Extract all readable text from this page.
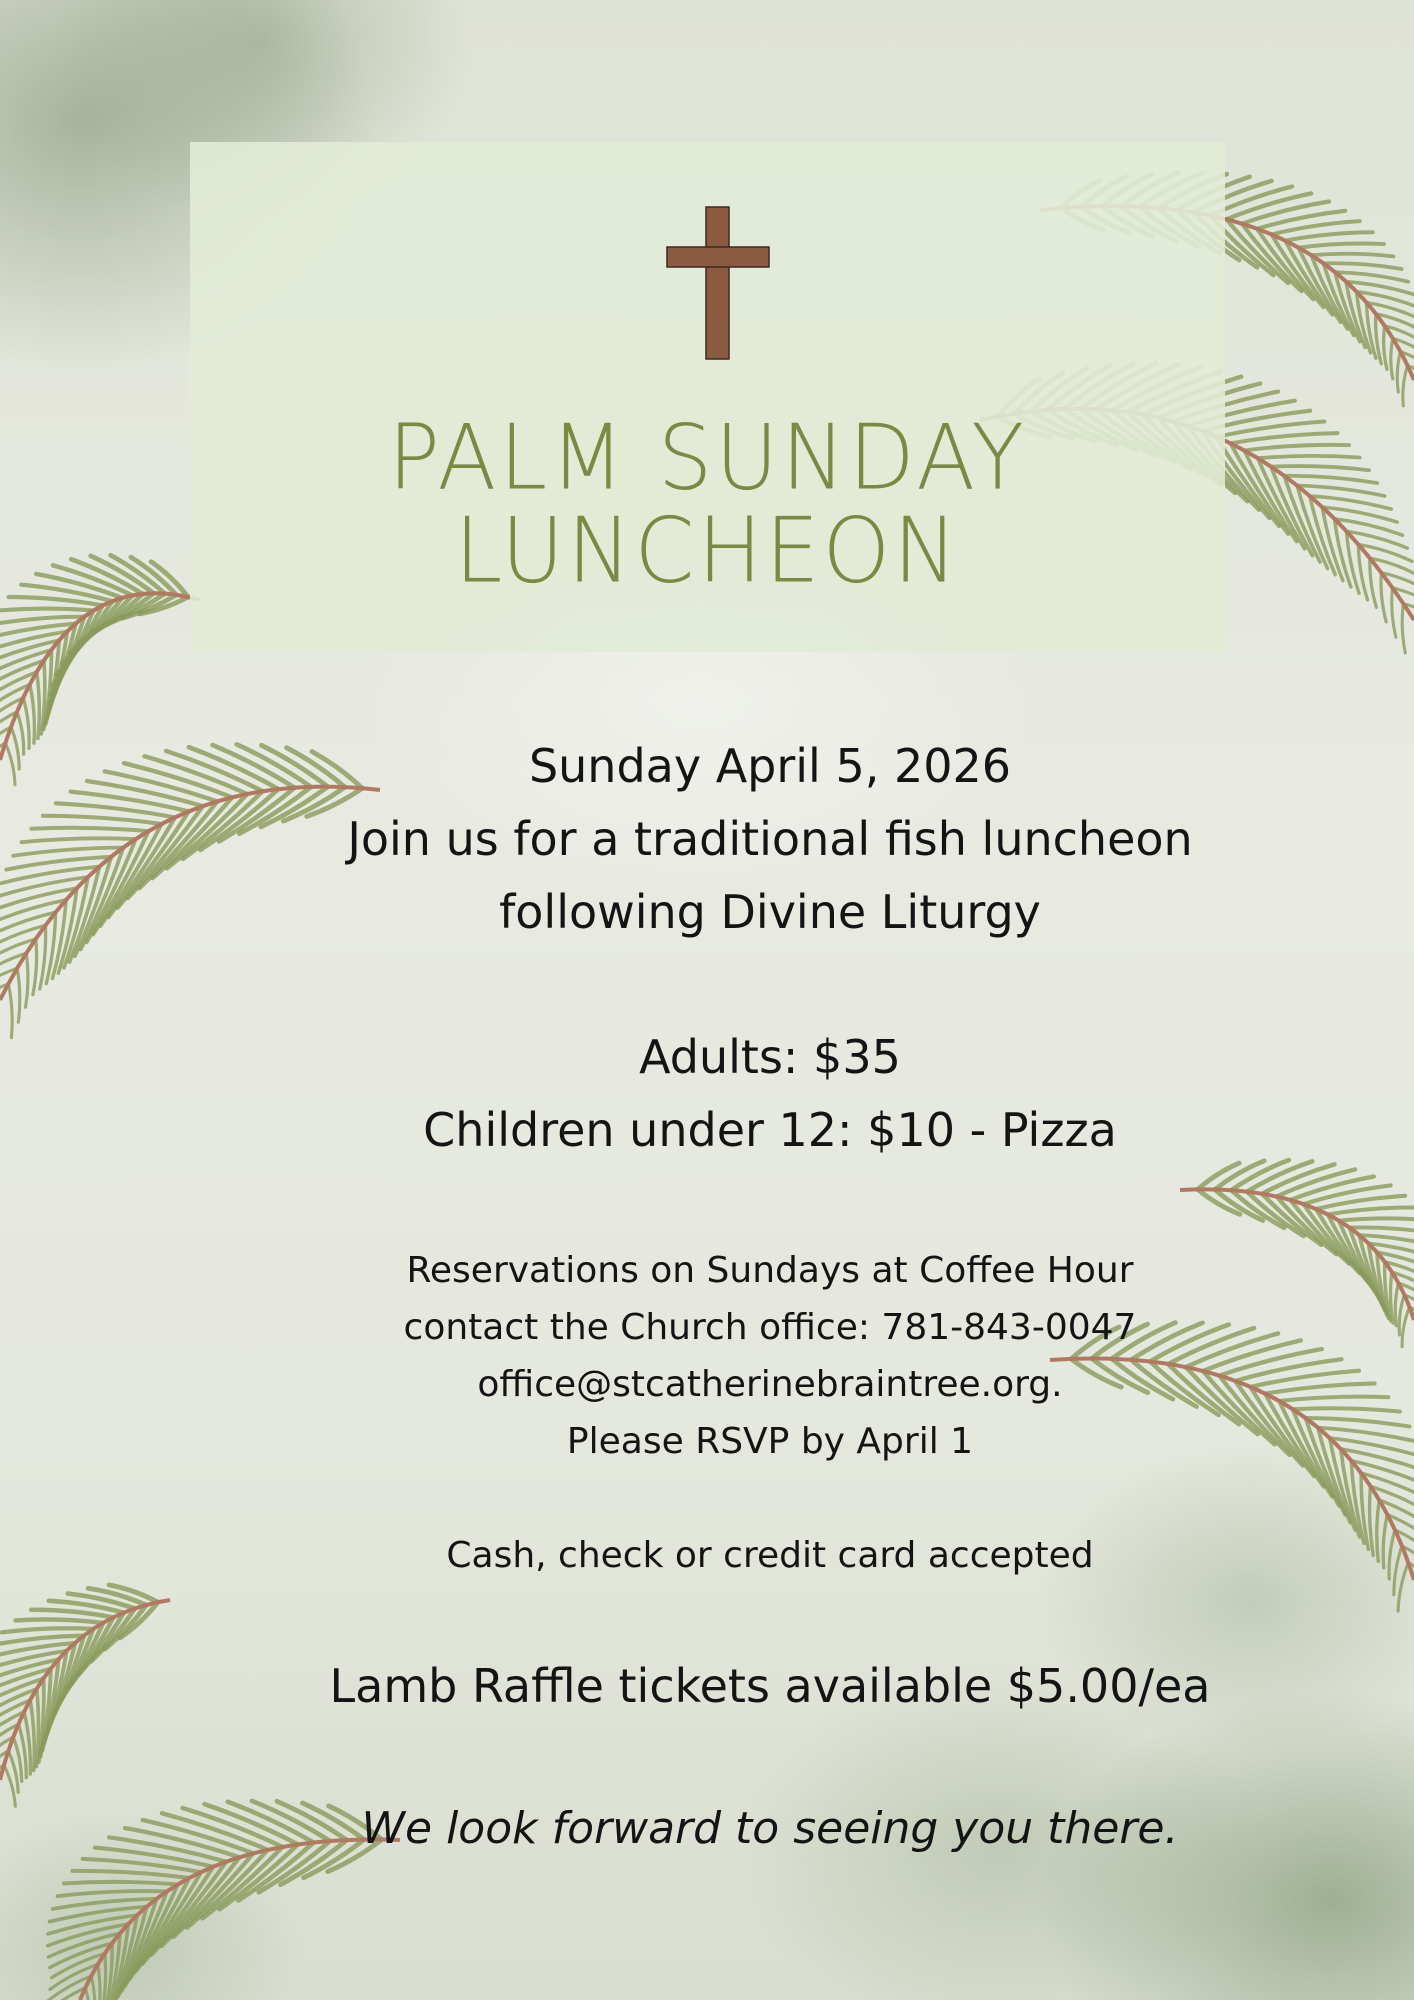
PALM SUNDAY
LUNCHEON
Sunday April 5, 2026
Join us for a traditional fish luncheon
following Divine Liturgy
Adults: $35
Children under 12: $10 - Pizza
Reservations on Sundays at Coffee Hour
contact the Church office: 781-843-0047
office@stcatherinebraintree.org.
Please RSVP by April 1
Cash, check or credit card accepted
Lamb Raffle tickets available $5.00/ea
We look forward to seeing you there.
